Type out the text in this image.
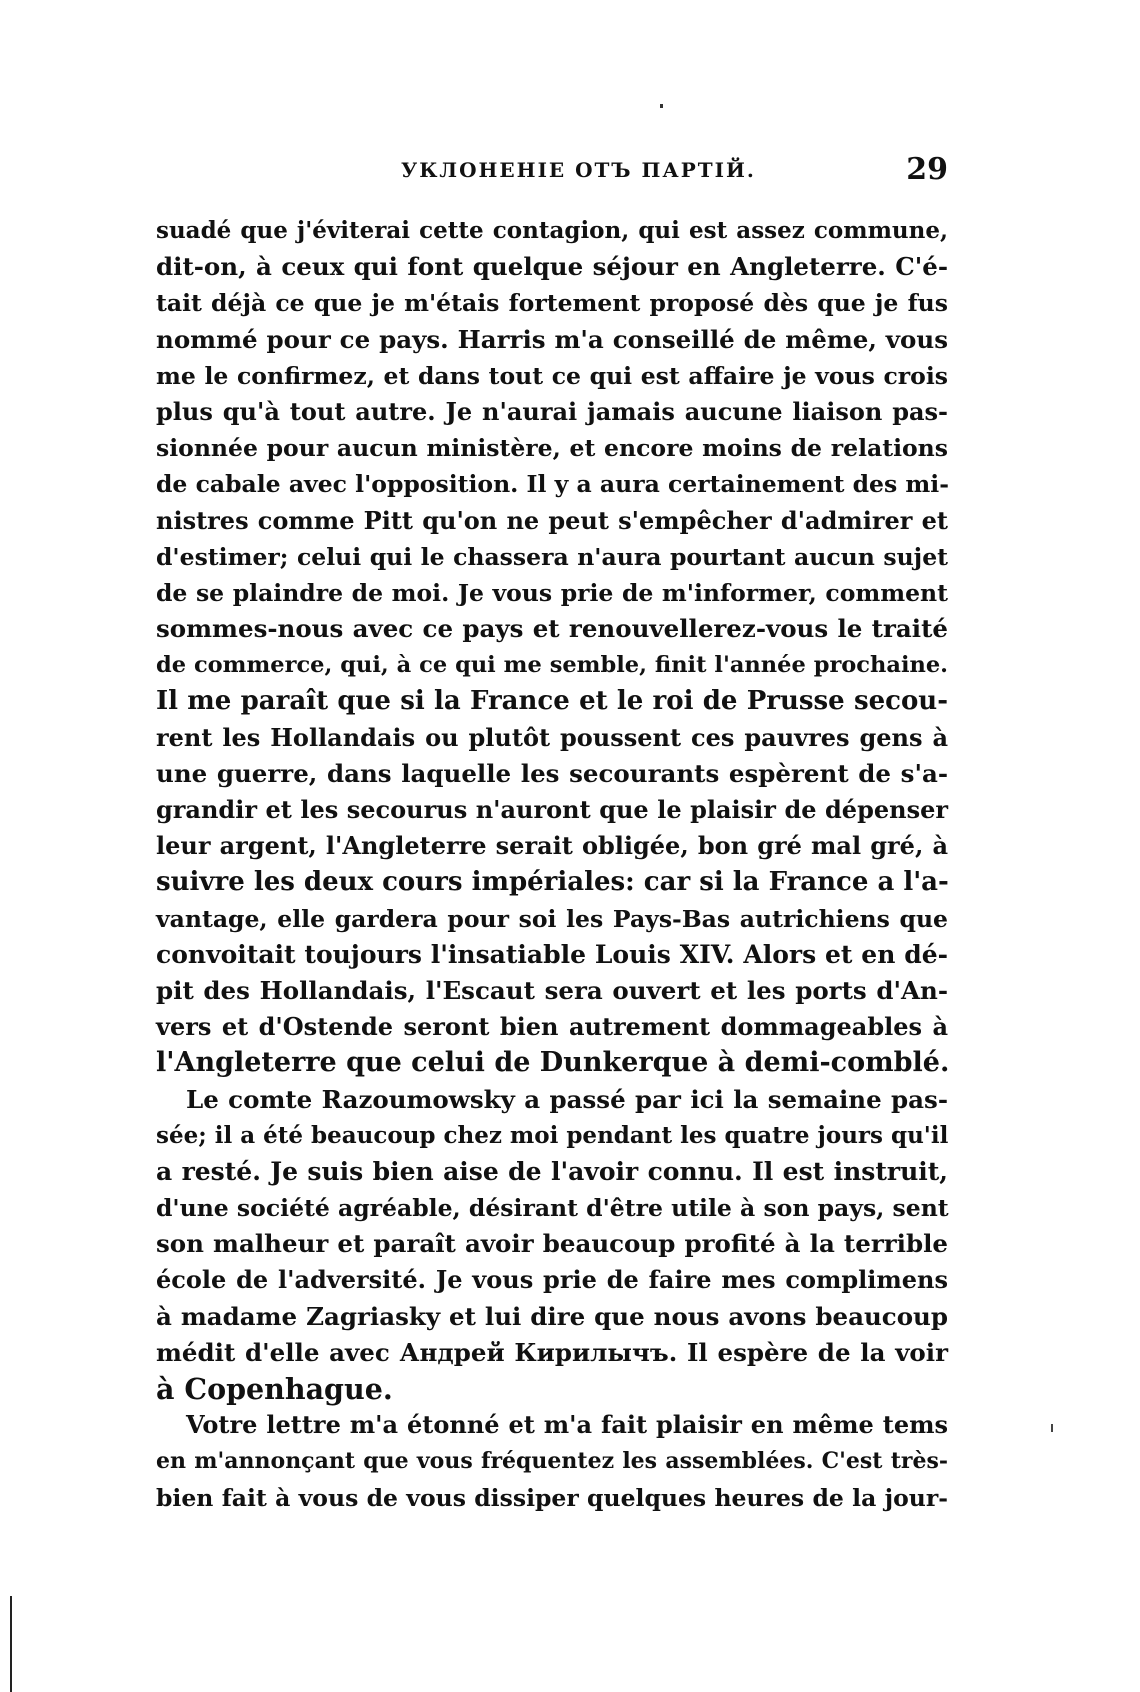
УКЛОНЕНІЕ ОТЪ ПАРТІЙ.	29
suadé que j'éviterai cette contagion, qui est assez commune,
dit-on, à ceux qui font quelque séjour en Angleterre. C'é-
tait déjà ce que je m'étais fortement proposé dès que je fus
nommé pour ce pays. Harris m'a conseillé de même, vous
me le confirmez, et dans tout ce qui est affaire je vous crois
plus qu'à tout autre. Je n'aurai jamais aucune liaison pas-
sionnée pour aucun ministère, et encore moins de relations
de cabale avec l'opposition. Il y a aura certainement des mi-
nistres comme Pitt qu'on ne peut s'empêcher d'admirer et
d'estimer; celui qui le chassera n'aura pourtant aucun sujet
de se plaindre de moi. Je vous prie de m'informer, comment
sommes-nous avec ce pays et renouvellerez-vous le traité
de commerce, qui, à ce qui me semble, finit l'année prochaine.
Il me paraît que si la France et le roi de Prusse secou-
rent les Hollandais ou plutôt poussent ces pauvres gens à
une guerre, dans laquelle les secourants espèrent de s'a-
grandir et les secourus n'auront que le plaisir de dépenser
leur argent, l'Angleterre serait obligée, bon gré mal gré, à
suivre les deux cours impériales: car si la France a l'a-
vantage, elle gardera pour soi les Pays-Bas autrichiens que
convoitait toujours l'insatiable Louis XIV. Alors et en dé-
pit des Hollandais, l'Escaut sera ouvert et les ports d'An-
vers et d'Ostende seront bien autrement dommageables à
l'Angleterre que celui de Dunkerque à demi-comblé.
Le comte Razoumowsky a passé par ici la semaine pas-
sée; il a été beaucoup chez moi pendant les quatre jours qu'il
a resté. Je suis bien aise de l'avoir connu. Il est instruit,
d'une société agréable, désirant d'être utile à son pays, sent
son malheur et paraît avoir beaucoup profité à la terrible
école de l'adversité. Je vous prie de faire mes complimens
à madame Zagriasky et lui dire que nous avons beaucoup
médit d'elle avec Андрей Кирилычъ. Il espère de la voir
à Copenhague.
Votre lettre m'a étonné et m'a fait plaisir en même tems
en m'annonçant que vous fréquentez les assemblées. C'est très-
bien fait à vous de vous dissiper quelques heures de la jour-
